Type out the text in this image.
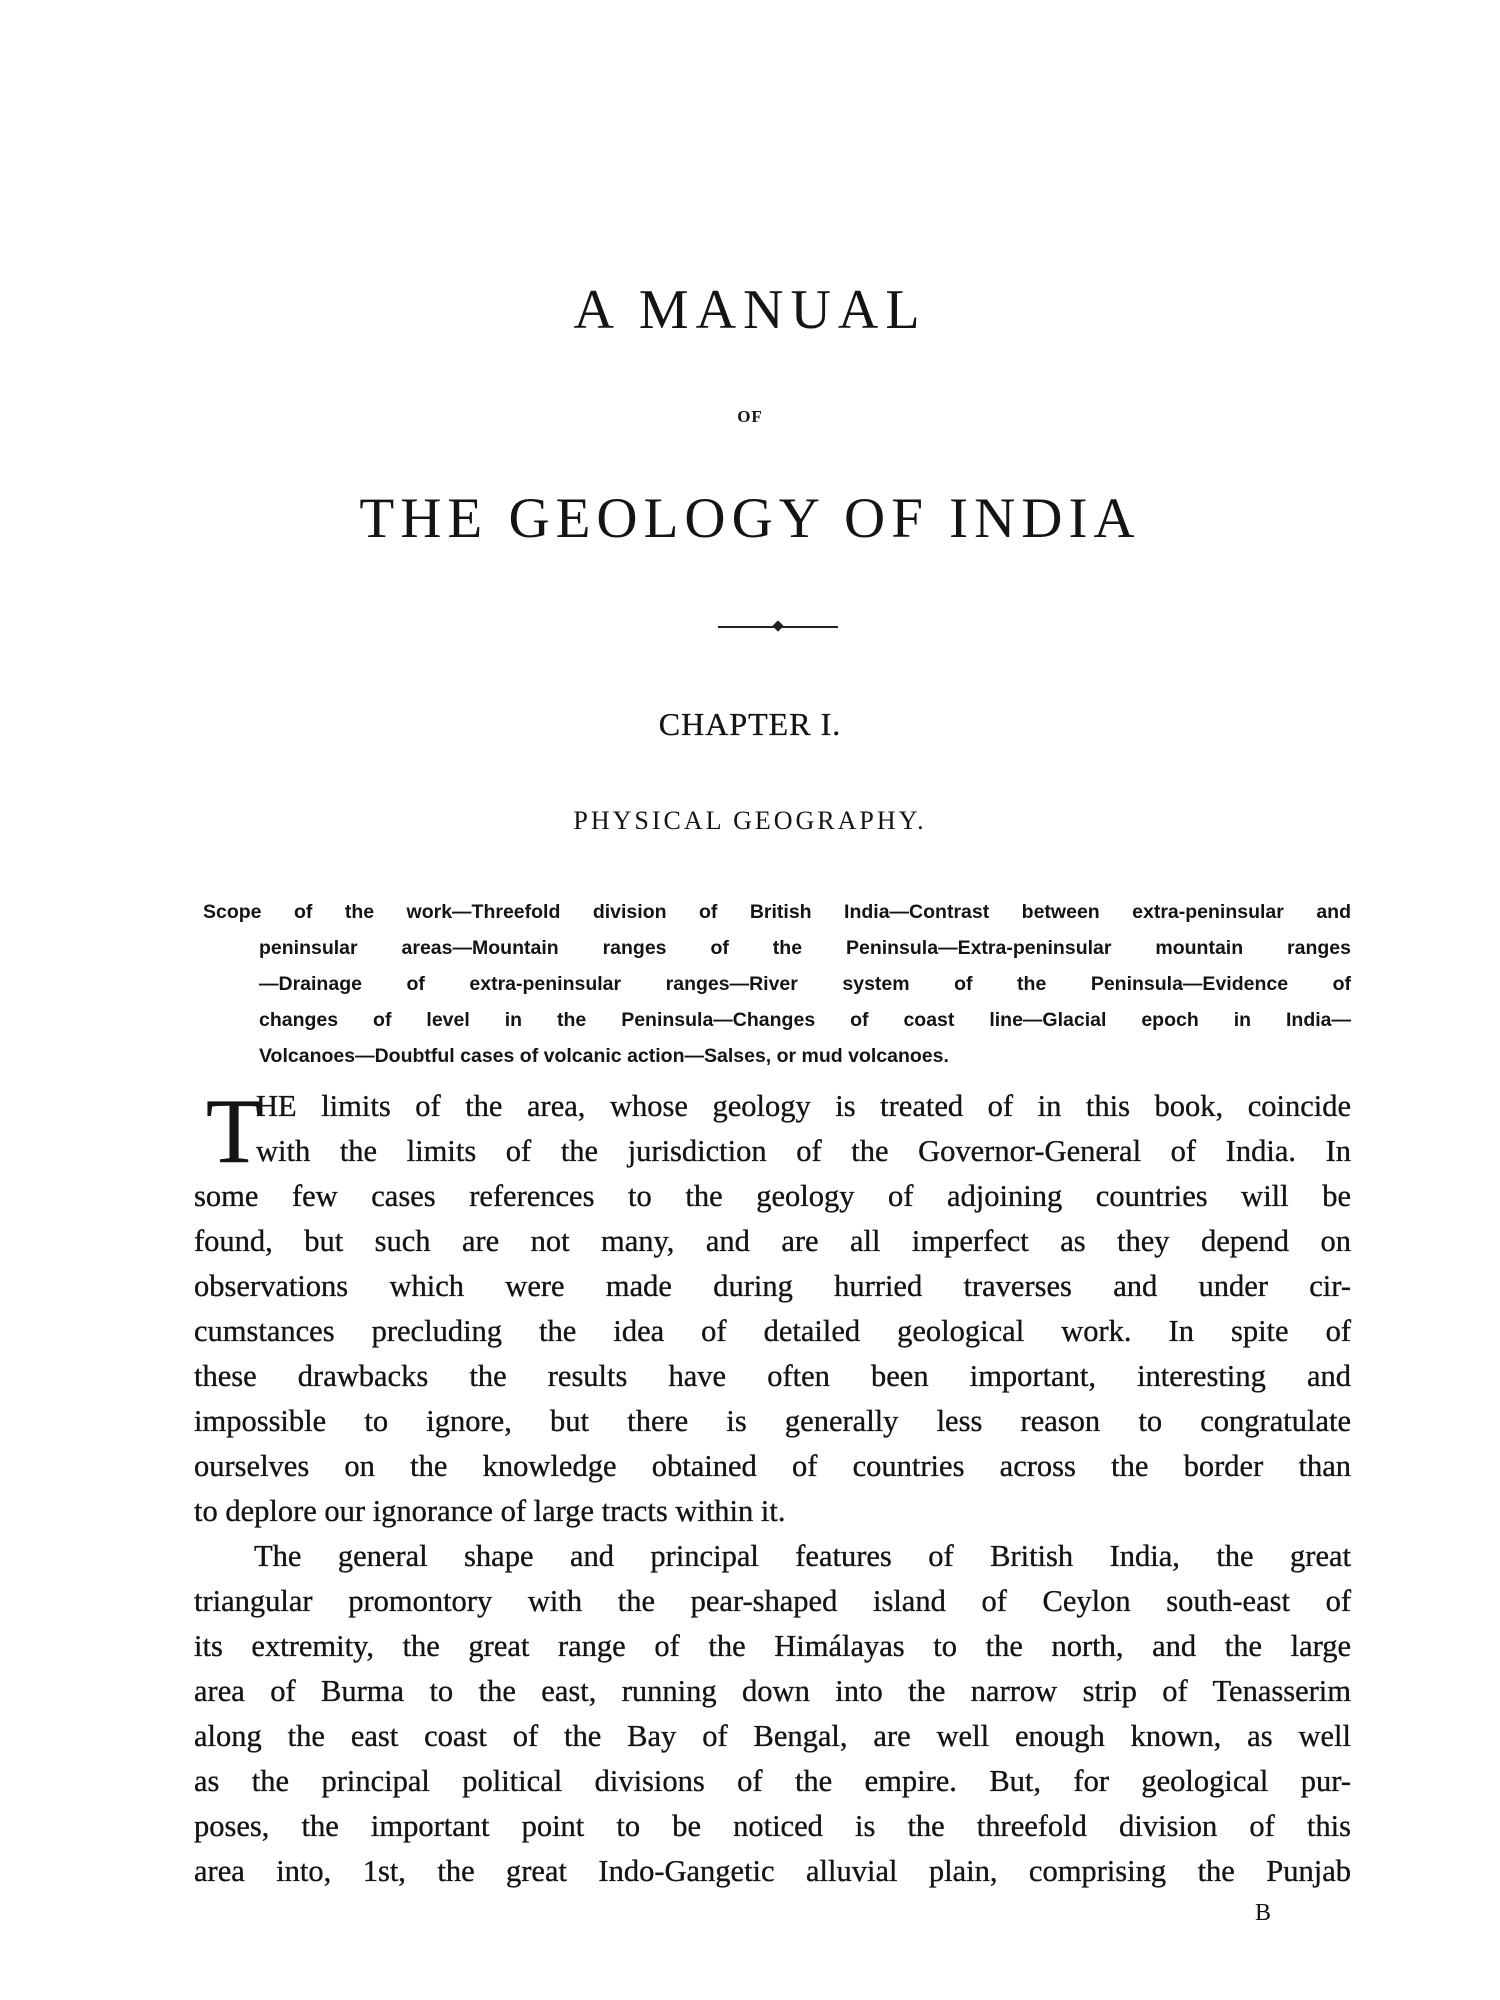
A MANUAL
OF
THE GEOLOGY OF INDIA
CHAPTER I.
PHYSICAL GEOGRAPHY.
Scope of the work—Threefold division of British India—Contrast between extra-peninsular and
peninsular areas—Mountain ranges of the Peninsula—Extra-peninsular mountain ranges
—Drainage of extra-peninsular ranges—River system of the Peninsula—Evidence of
changes of level in the Peninsula—Changes of coast line—Glacial epoch in India—
Volcanoes—Doubtful cases of volcanic action—Salses, or mud volcanoes.
T
HE limits of the area, whose geology is treated of in this book, coincide
with the limits of the jurisdiction of the Governor-General of India. In
some few cases references to the geology of adjoining countries will be
found, but such are not many, and are all imperfect as they depend on
observations which were made during hurried traverses and under cir-
cumstances precluding the idea of detailed geological work. In spite of
these drawbacks the results have often been important, interesting and
impossible to ignore, but there is generally less reason to congratulate
ourselves on the knowledge obtained of countries across the border than
to deplore our ignorance of large tracts within it.
The general shape and principal features of British India, the great
triangular promontory with the pear-shaped island of Ceylon south-east of
its extremity, the great range of the Himálayas to the north, and the large
area of Burma to the east, running down into the narrow strip of Tenasserim
along the east coast of the Bay of Bengal, are well enough known, as well
as the principal political divisions of the empire. But, for geological pur-
poses, the important point to be noticed is the threefold division of this
area into, 1st, the great Indo-Gangetic alluvial plain, comprising the Punjab
B
